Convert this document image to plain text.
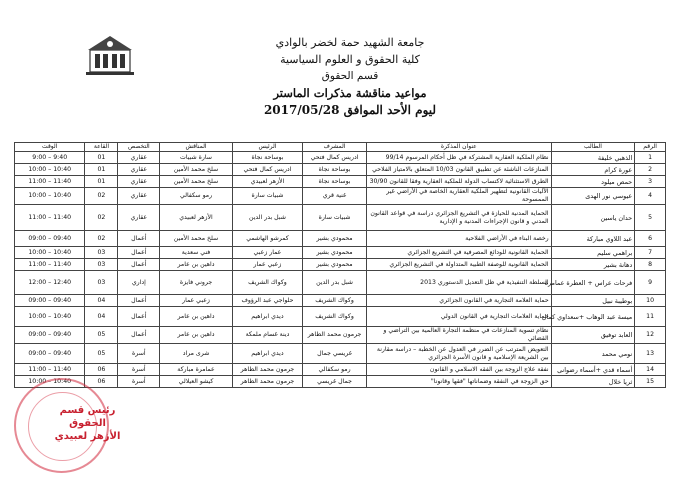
جامعة الشهيد حمة لخضر بالوادي
كلية الحقوق و العلوم السياسية
قسم الحقوق
مواعيد مناقشة مذكرات الماستر
ليوم الأحد الموافق 2017/05/28
الرقم	الطالب	عنوان المذكرة	المشرف	الرئيس	المناقش	التخصص	القاعة	الوقت
1	الذهبي خليفة	نظام الملكية العقارية المشتركة في ظل أحكام المرسوم 99/14	ادريس كمال فتحي	بوساحة نجاة	سارة شبيات	عقاري	01	9:40 – 9:00
2	عورة كرام	المنازعات الناشئة عن تطبيق القانون 10/03 المتعلق بالامتياز الفلاحي	بوساحة نجاة	ادريس كمال فتحي	سلخ محمد الأمين	عقاري	01	10:40 – 10:00
3	حمص ميلود	الطرق الاستثنائية لاكتساب الدولة للملكية العقارية وفقا للقانون 30/90	بوساحة نجاة	الأزهر لعبيدي	سلخ محمد الأمين	عقاري	01	11:40 – 11:00
4	عيوسي نور الهدى	الآليات القانونية لتطهير الملكية العقارية الخاصة في الأراضي غير الممسوحة	غنية قري	شبيات سارة	رمو سكفالي	عقاري	02	10:40 – 10:00
5	حدان ياسين	الحماية المدنية للحيازة في التشريع الجزائري دراسة في قواعد القانون المدني و قانون الإجراءات المدنية و الإدارية	شبيات سارة	شبل بدر الدين	الأزهر لعبيدي	عقاري	02	11:40 – 11:00
6	عبد اللاوي مباركة	رخصة البناء في الأراضي الفلاحية	محمودي بشير	كمرشو الهاشمي	سلخ محمد الأمين	أعمال	02	09:40 – 09:00
7	براهمي سليم	الحماية القانونية للودائع المصرفية في التشريع الجزائري	محمودي بشير	عمار زعبي	فني سعدية	أعمال	03	10:40 – 10:00
8	دهانة بشير	الحماية القانونية للوصفة الطبية المتداولة في التشريع الجزائري	محمودي بشير	زعبي عمار	داهين بن عامر	أعمال	03	11:40 – 11:00
9	فرحات عراس + العطرة عمامرة	السلطة التنفيذية في ظل التعديل الدستوري 2013	شبل بدر الدين	وكواك الشريف	جروني فايزة	إداري	03	12:40 – 12:00
10	بوطيبة نبيل	حماية العلامة التجارية في القانون الجزائري	وكواك الشريف	حلواجي عبد الرؤوف	زعبي عمار	أعمال	04	09:40 – 09:00
11	ميسة عبد الوهاب +سعداوي كمال	حماية العلامات التجارية في القانون الدولي	وكواك الشريف	ديدي ابراهيم	داهين بن عامر	أعمال	04	10:40 – 10:00
12	العابد توفيق	نظام تسوية المنازعات في منظمة التجارة العالمية بين التراضي و القضائي	جرمون محمد الطاهر	دينة غسام ملمكة	داهين بن عامر	أعمال	05	09:40 – 09:00
13	نومي محمد	التعويض المترتب عن الضرر في العدول عن الخطبة – دراسة مقارنة بين الشريعة الإسلامية و قانون الأسرة الجزائري	غريسي جمال	ديدي ابراهيم	شرى مراد	أسرة	05	09:40 – 09:00
14	أسماء قدي +أسماء رضوانى	نفقة علاج الزوجة بين الفقه الاسلامي و القانون	رمو سكفالي	جرمون محمد الطاهر	عمامرة مباركة	أسرة	06	11:40 – 11:00
15	ثريا خلال	حق الزوجة في النفقة وضماناتها "فقها وقانونا"	جمال غريسي	جرمون محمد الطاهر	كيشو العيلالي	أسرة	06	10:40 – 10:00
رئيس قسم الحقوق
الأزهر لعبيدي
